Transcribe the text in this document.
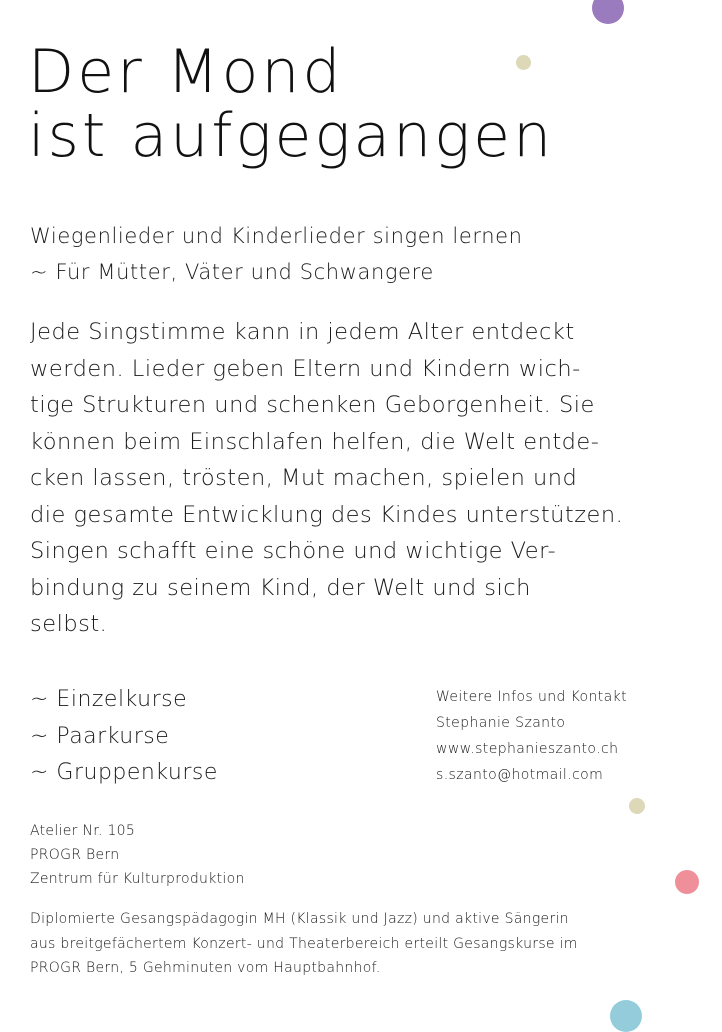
Der Mond
ist aufgegangen

Wiegenlieder und Kinderlieder singen lernen
~ Für Mütter, Väter und Schwangere

Jede Singstimme kann in jedem Alter entdeckt
werden. Lieder geben Eltern und Kindern wich-
tige Strukturen und schenken Geborgenheit. Sie
können beim Einschlafen helfen, die Welt entde-
cken lassen, trösten, Mut machen, spielen und
die gesamte Entwicklung des Kindes unterstützen.
Singen schafft eine schöne und wichtige Ver-
bindung zu seinem Kind, der Welt und sich
selbst.

~ Einzelkurse
~ Paarkurse
~ Gruppenkurse
Weitere Infos und Kontakt
Stephanie Szanto
www.stephanieszanto.ch
s.szanto@hotmail.com
Atelier Nr. 105
PROGR Bern
Zentrum für Kulturproduktion

Diplomierte Gesangspädagogin MH (Klassik und Jazz) und aktive Sängerin
aus breitgefächertem Konzert- und Theaterbereich erteilt Gesangskurse im
PROGR Bern, 5 Gehminuten vom Hauptbahnhof.
